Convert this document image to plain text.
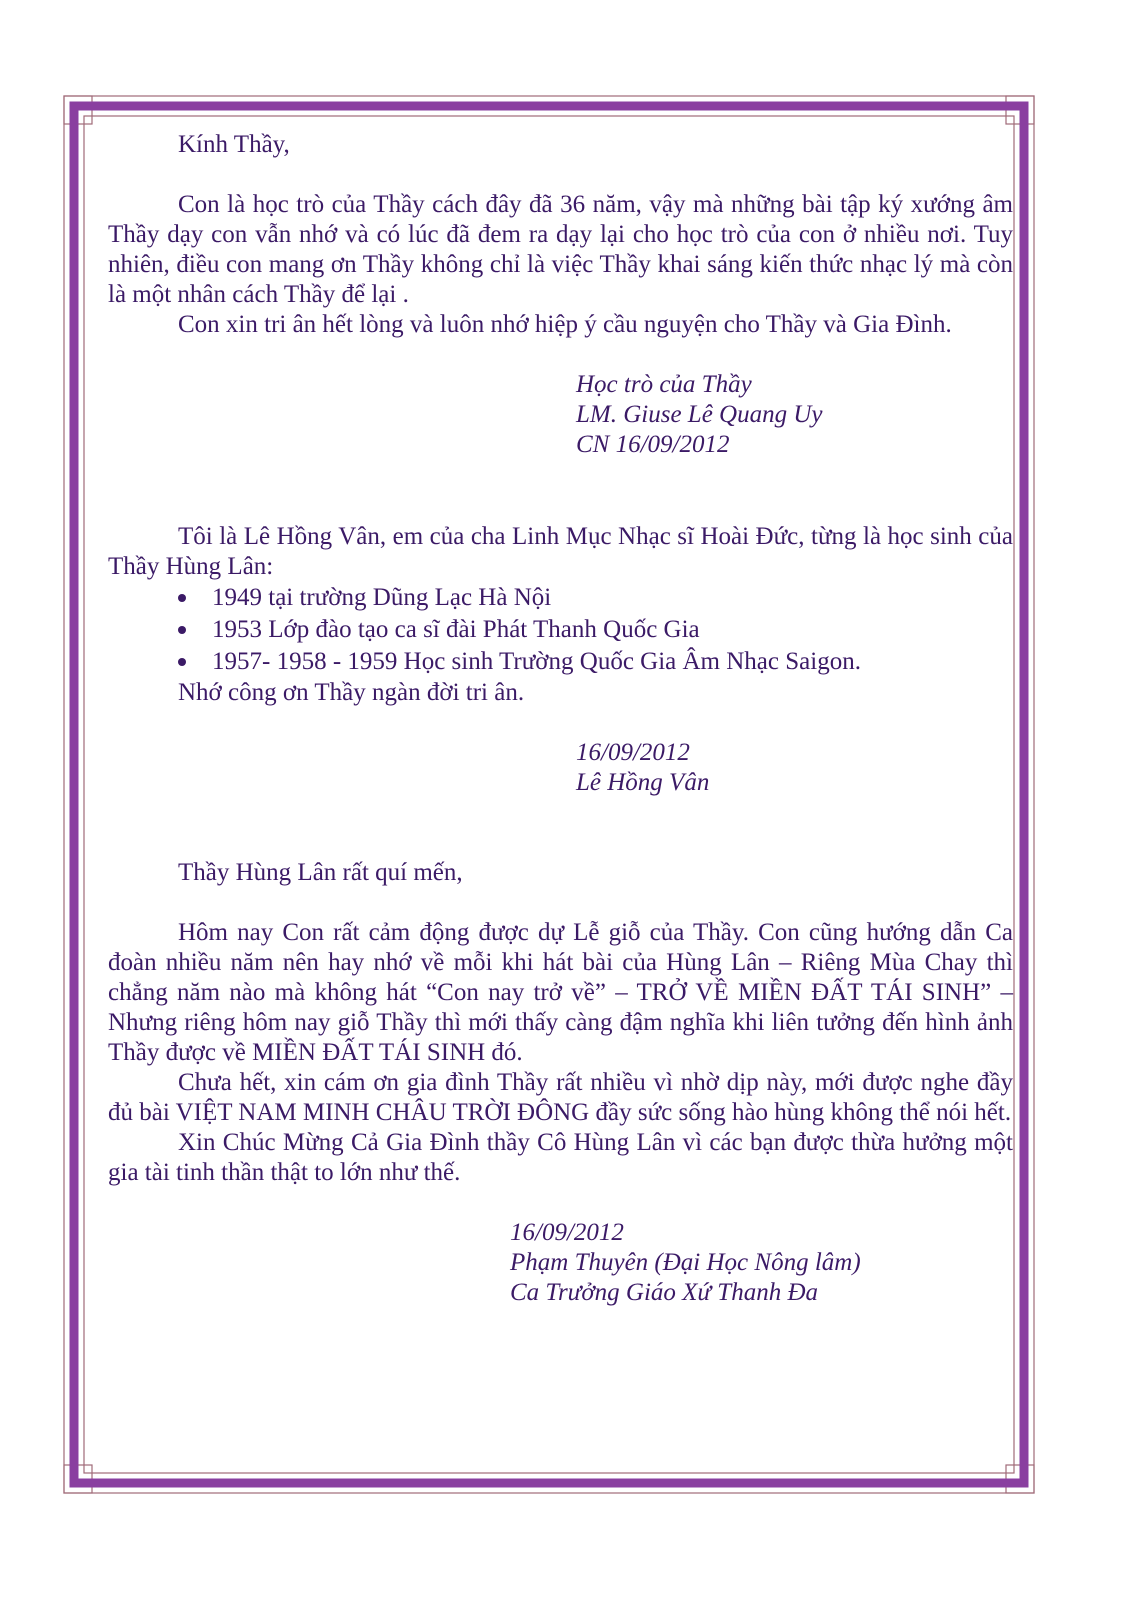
Kính Thầy,

Con là học trò của Thầy cách đây đã 36 năm, vậy mà những bài tập ký xướng âm Thầy dạy con vẫn nhớ và có lúc đã đem ra dạy lại cho học trò của con ở nhiều nơi. Tuy nhiên, điều con mang ơn Thầy không chỉ là việc Thầy khai sáng kiến thức nhạc lý mà còn là một nhân cách Thầy để lại .

Con xin tri ân hết lòng và luôn nhớ hiệp ý cầu nguyện cho Thầy và Gia Đình.

Học trò của Thầy
LM. Giuse Lê Quang Uy
CN 16/09/2012

Tôi là Lê Hồng Vân, em của cha Linh Mục Nhạc sĩ Hoài Đức, từng là học sinh của Thầy Hùng Lân:

1949 tại trường Dũng Lạc Hà Nội
1953 Lớp đào tạo ca sĩ đài Phát Thanh Quốc Gia
1957- 1958 - 1959 Học sinh Trường Quốc Gia Âm Nhạc Saigon.
Nhớ công ơn Thầy ngàn đời tri ân.
16/09/2012
Lê Hồng Vân
Thầy Hùng Lân rất quí mến,

Hôm nay Con rất cảm động được dự Lễ giỗ của Thầy. Con cũng hướng dẫn Ca đoàn nhiều năm nên hay nhớ về mỗi khi hát bài của Hùng Lân – Riêng Mùa Chay thì chẳng năm nào mà không hát “Con nay trở về” – TRỞ VỀ MIỀN ĐẤT TÁI SINH” – Nhưng riêng hôm nay giỗ Thầy thì mới thấy càng đậm nghĩa khi liên tưởng đến hình ảnh Thầy được về MIỀN ĐẤT TÁI SINH đó.

Chưa hết, xin cám ơn gia đình Thầy rất nhiều vì nhờ dịp này, mới được nghe đầy đủ bài VIỆT NAM MINH CHÂU TRỜI ĐÔNG đầy sức sống hào hùng không thể nói hết.

Xin Chúc Mừng Cả Gia Đình thầy Cô Hùng Lân vì các bạn được thừa hưởng một gia tài tinh thần thật to lớn như thế.

16/09/2012
Phạm Thuyên (Đại Học Nông lâm)
Ca Trưởng Giáo Xứ Thanh Đa
